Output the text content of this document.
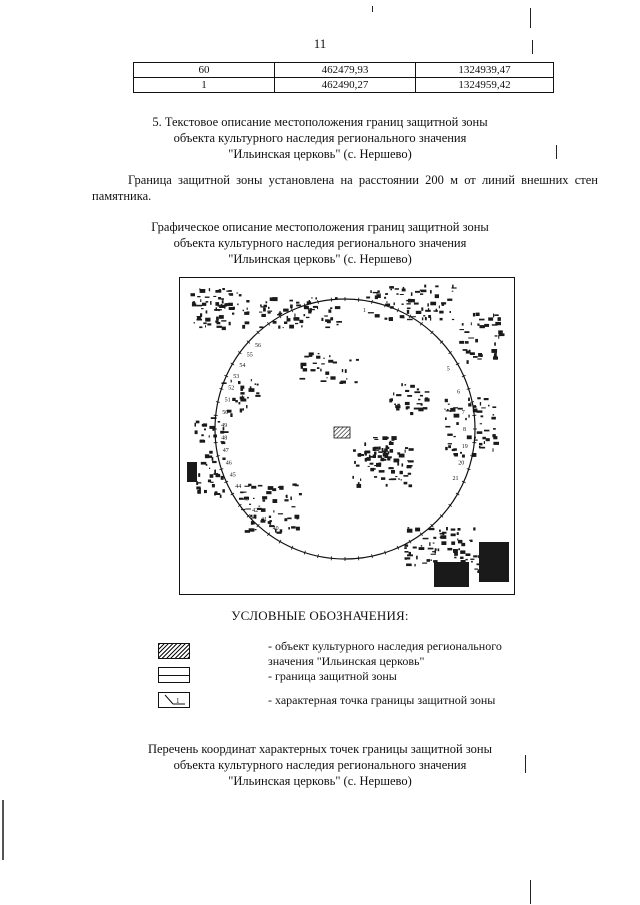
11
60	462479,93	1324939,47
1	462490,27	1324959,42
5. Текстовое описание местоположения границ защитной зоны
объекта культурного наследия регионального значения
"Ильинская церковь" (с. Нершево)
Граница защитной зоны установлена на расстоянии 200 м от линий внешних стен памятника.
Графическое описание местоположения границ защитной зоны
объекта культурного наследия регионального значения
"Ильинская церковь" (с. Нершево)
1
5
6
7
8
19
20
21
40
41
42
43
44
45
46
47
48
49
50
51
52
53
54
55
56
УСЛОВНЫЕ ОБОЗНАЧЕНИЯ:
- объект культурного наследия регионального
значения "Ильинская церковь"
- граница защитной зоны
1	- характерная точка границы защитной зоны
Перечень координат характерных точек границы защитной зоны
объекта культурного наследия регионального значения
"Ильинская церковь" (с. Нершево)
